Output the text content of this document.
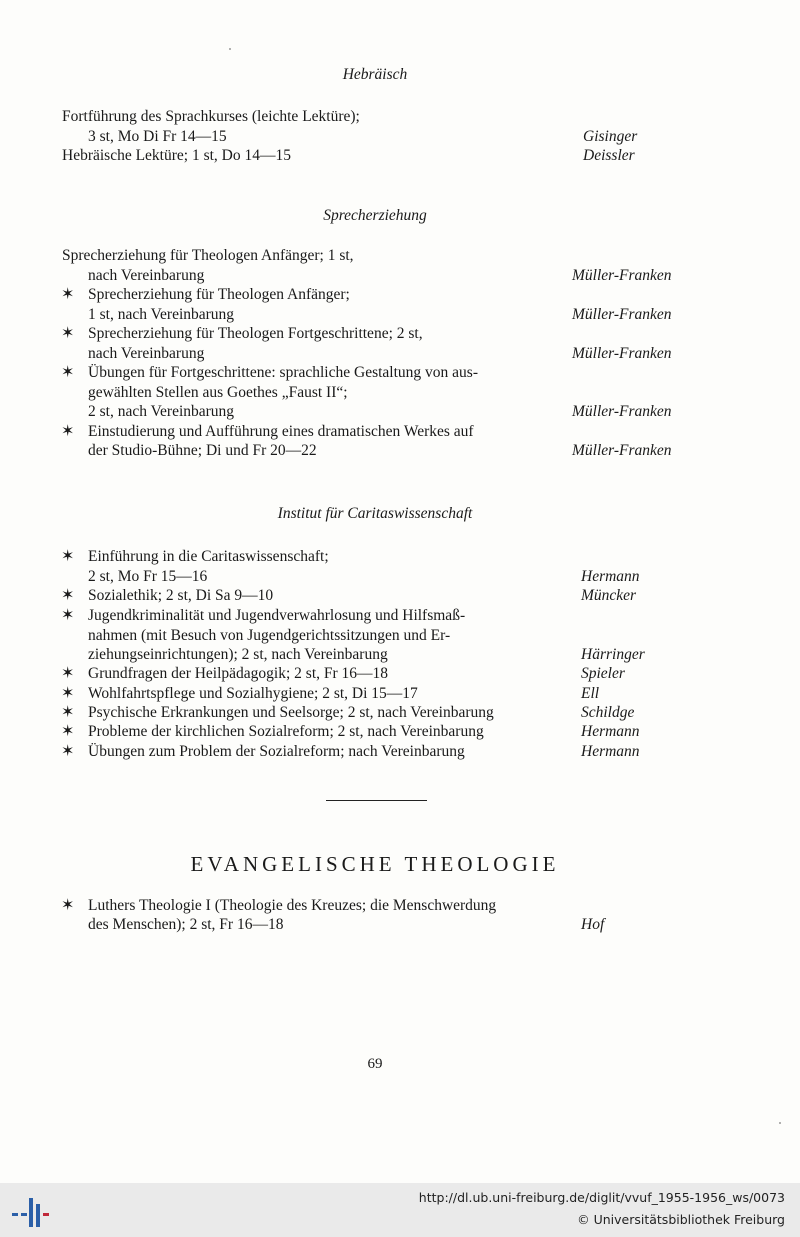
Hebräisch
Fortführung des Sprachkurses (leichte Lektüre);
3 st, Mo Di Fr 14—15	Gisinger
Hebräische Lektüre; 1 st, Do 14—15	Deissler
Sprecherziehung
Sprecherziehung für Theologen Anfänger; 1 st,
nach Vereinbarung	Müller-Franken
✶ Sprecherziehung für Theologen Anfänger;
1 st, nach Vereinbarung	Müller-Franken
✶ Sprecherziehung für Theologen Fortgeschrittene; 2 st,
nach Vereinbarung	Müller-Franken
✶ Übungen für Fortgeschrittene: sprachliche Gestaltung von aus-
gewählten Stellen aus Goethes „Faust II“;
2 st, nach Vereinbarung	Müller-Franken
✶ Einstudierung und Aufführung eines dramatischen Werkes auf
der Studio-Bühne; Di und Fr 20—22	Müller-Franken
Institut für Caritaswissenschaft
✶ Einführung in die Caritaswissenschaft;
2 st, Mo Fr 15—16	Hermann
✶ Sozialethik; 2 st, Di Sa 9—10	Müncker
✶ Jugendkriminalität und Jugendverwahrlosung und Hilfsmaß-
nahmen (mit Besuch von Jugendgerichtssitzungen und Er-
ziehungseinrichtungen); 2 st, nach Vereinbarung	Härringer
✶ Grundfragen der Heilpädagogik; 2 st, Fr 16—18	Spieler
✶ Wohlfahrtspflege und Sozialhygiene; 2 st, Di 15—17	Ell
✶ Psychische Erkrankungen und Seelsorge; 2 st, nach Vereinbarung	Schildge
✶ Probleme der kirchlichen Sozialreform; 2 st, nach Vereinbarung	Hermann
✶ Übungen zum Problem der Sozialreform; nach Vereinbarung	Hermann
EVANGELISCHE THEOLOGIE
✶ Luthers Theologie I (Theologie des Kreuzes; die Menschwerdung
des Menschen); 2 st, Fr 16—18	Hof
69
http://dl.ub.uni-freiburg.de/diglit/vvuf_1955-1956_ws/0073
© Universitätsbibliothek Freiburg
